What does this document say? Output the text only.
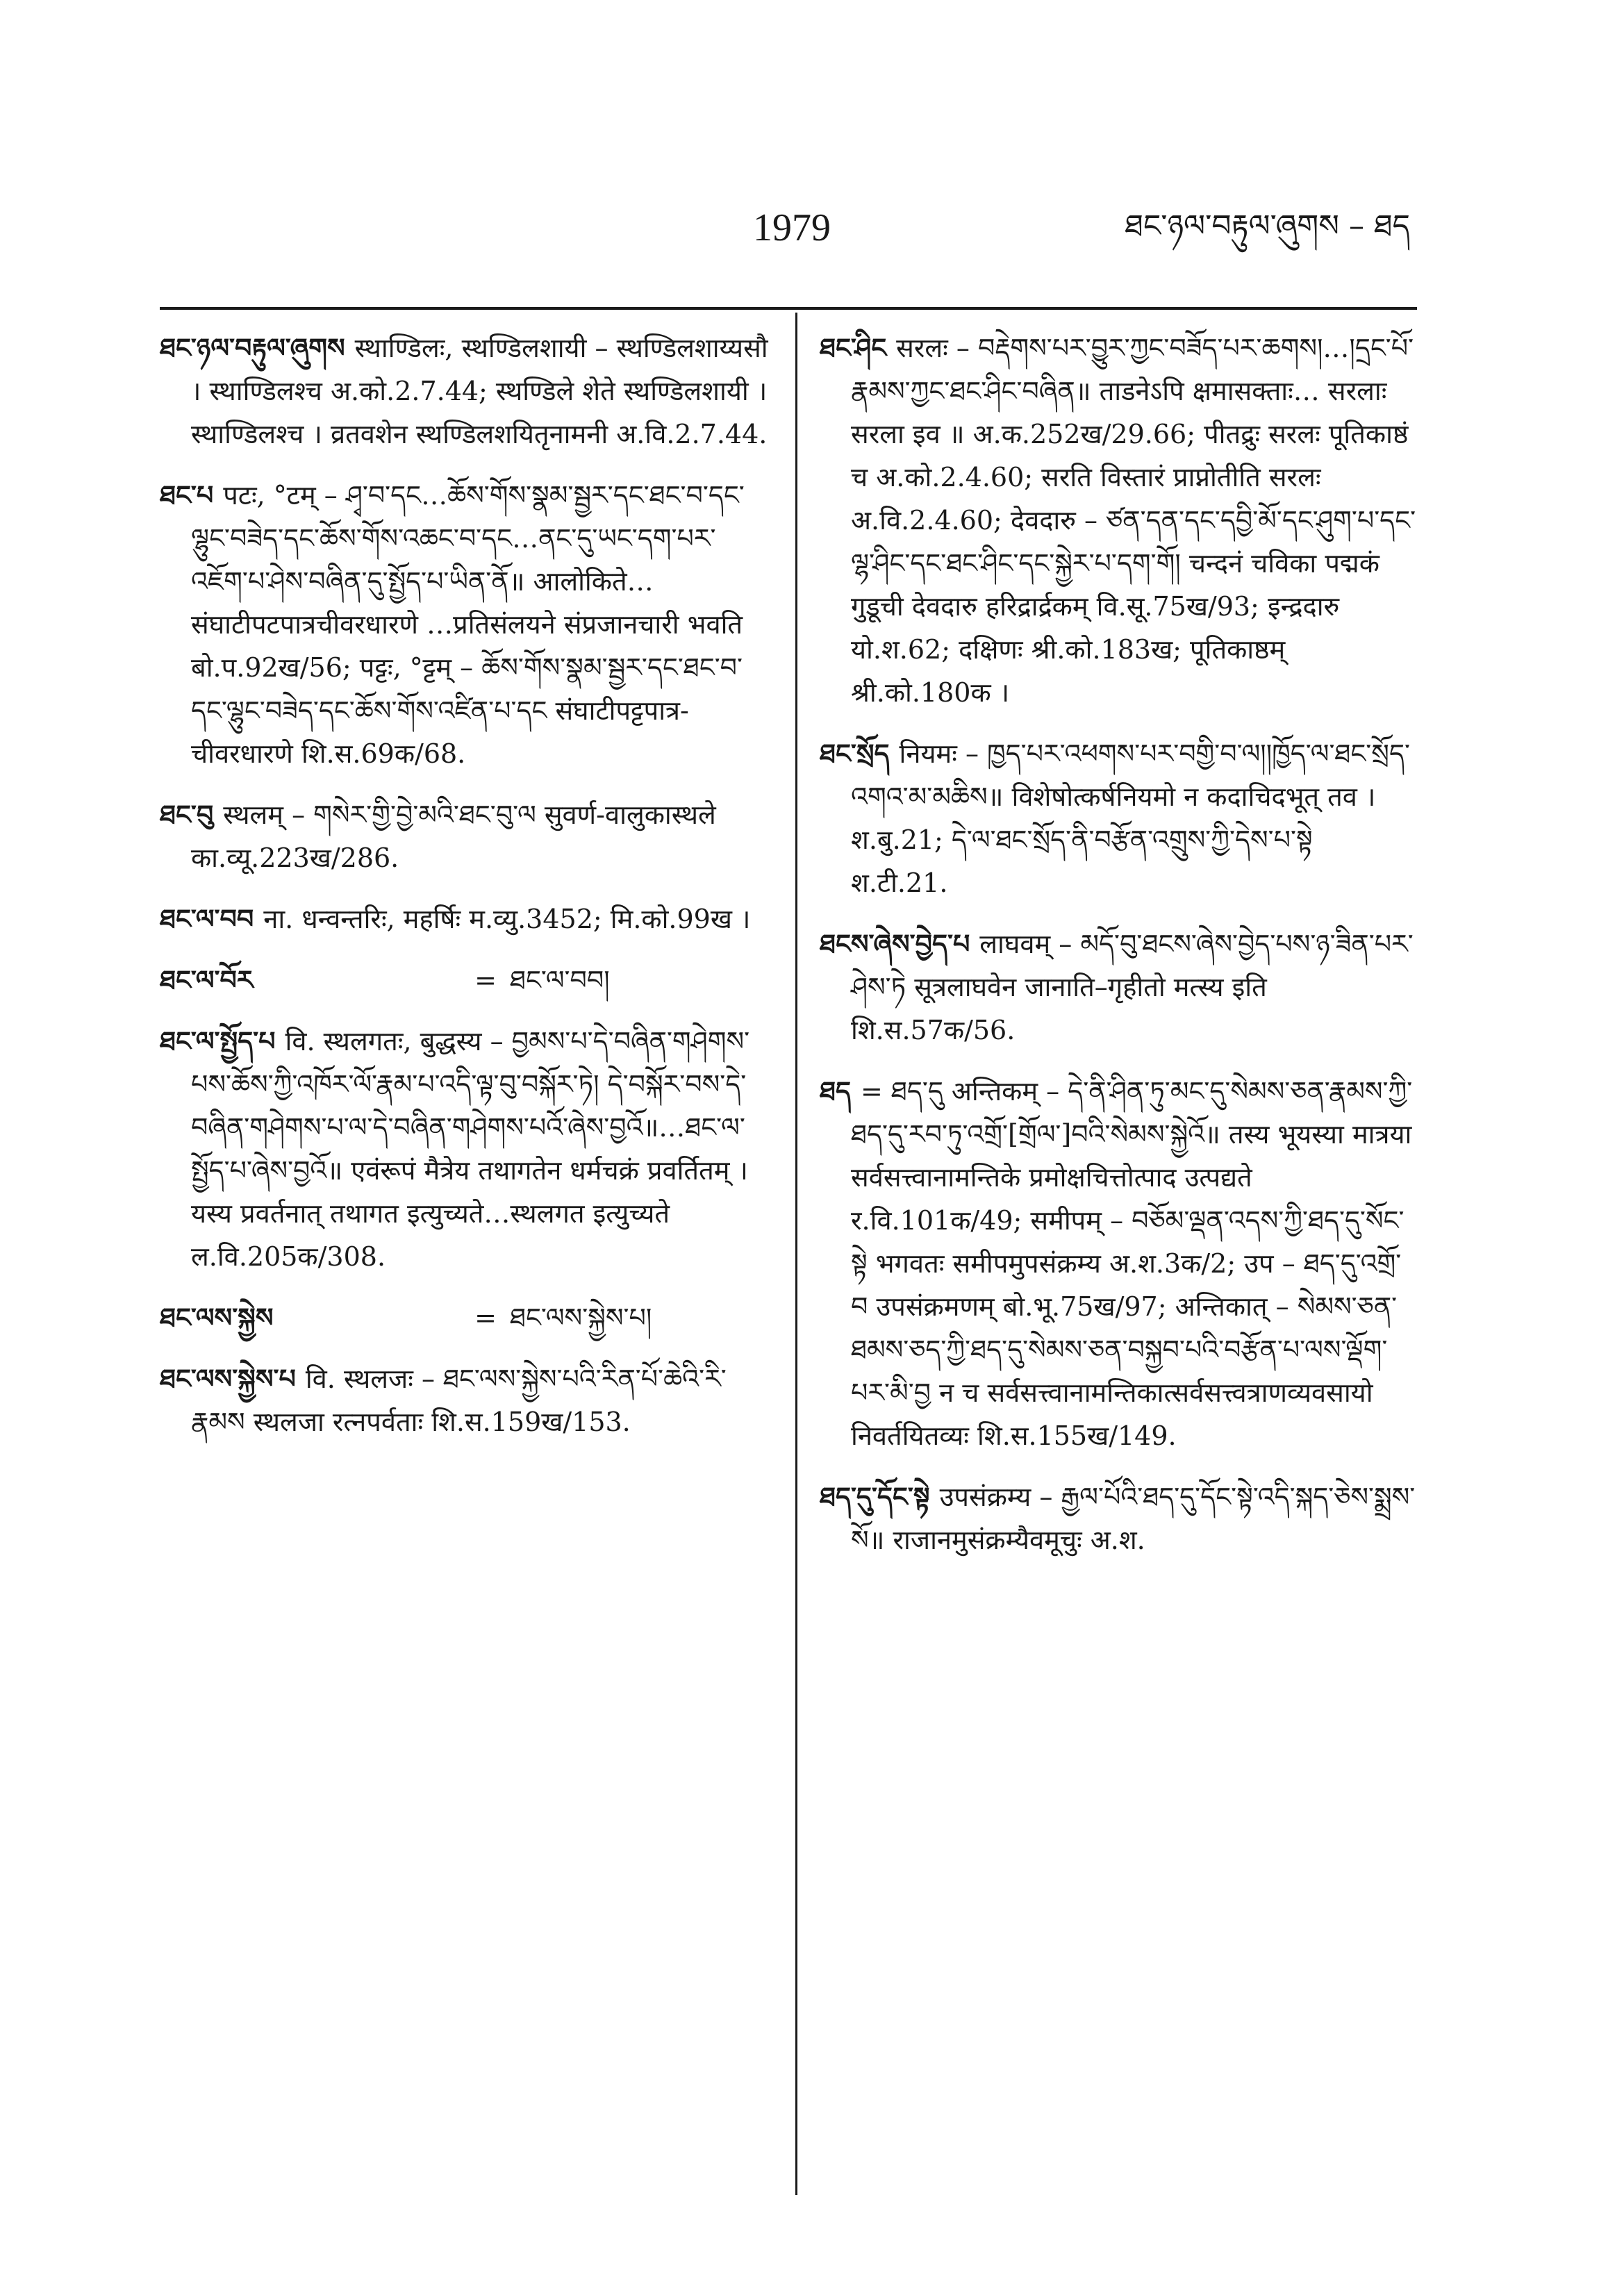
1979	ཐང་ཉལ་བརྟུལ་ཞུགས – ཐད

ཐང་ཉལ་བརྟུལ་ཞུགས स्थाण्डिलः, स्थण्डिलशायी – स्थण्डिलशाय्यसौ । स्थाण्डिलश्च अ.को.2.7.44; स्थण्डिले शेते स्थण्डिलशायी । स्थाण्डिलश्च । व्रतवशेन स्थण्डिलशयितृनामनी अ.वि.2.7.44.

ཐང་པ पटः, °टम् – ཤྭ་བ་དང…ཆོས་གོས་སྣམ་སྦྱར་དང་ཐང་བ་དང་ལྷུང་བཟེད་དང་ཆོས་གོས་འཆང་བ་དང…ནང་དུ་ཡང་དག་པར་འཇོག་པ་ཤེས་བཞིན་དུ་སྤྱོད་པ་ཡིན་ནོ॥ आलोकिते…संघाटीपटपात्रचीवरधारणे …प्रतिसंलयने संप्रजानचारी भवति बो.प.92ख/56; पट्टः, °ट्टम् – ཆོས་གོས་སྣམ་སྦྱར་དང་ཐང་བ་དང་ལྷུང་བཟེད་དང་ཆོས་གོས་འཛིན་པ་དང संघाटीपट्टपात्र-चीवरधारणे शि.स.69क/68.

ཐང་བུ स्थलम् – གསེར་གྱི་བྱེ་མའི་ཐང་བུ་ལ सुवर्ण-वालुकास्थले का.व्यू.223ख/286.

ཐང་ལ་བབ ना. धन्वन्तरिः, महर्षिः म.व्यु.3452; मि.को.99ख ।

ཐང་ལ་བོར	= ཐང་ལ་བབ།

ཐང་ལ་སྤྱོད་པ वि. स्थलगतः, बुद्धस्य – བྱམས་པ་དེ་བཞིན་གཤེགས་པས་ཆོས་ཀྱི་འཁོར་ལོ་རྣམ་པ་འདི་ལྟ་བུ་བསྐོར་ཏེ། དེ་བསྐོར་བས་དེ་བཞིན་གཤེགས་པ་ལ་དེ་བཞིན་གཤེགས་པའོ་ཞེས་བྱའོ॥…ཐང་ལ་སྤྱོད་པ་ཞེས་བྱའོ॥ एवंरूपं मैत्रेय तथागतेन धर्मचक्रं प्रवर्तितम् । यस्य प्रवर्तनात् तथागत इत्युच्यते…स्थलगत इत्युच्यते ल.वि.205क/308.

ཐང་ལས་སྐྱེས	= ཐང་ལས་སྐྱེས་པ།

ཐང་ལས་སྐྱེས་པ वि. स्थलजः – ཐང་ལས་སྐྱེས་པའི་རིན་པོ་ཆེའི་རི་རྣམས स्थलजा रत्नपर्वताः शि.स.159ख/153.

ཐང་ཤིང सरलः – བརྡེགས་པར་བྱུར་ཀྱང་བཟོད་པར་ཆགས།…།དྲང་པོ་རྣམས་ཀྱང་ཐང་ཤིང་བཞིན॥ ताडनेऽपि क्षमासक्ताः… सरलाः सरला इव ॥ अ.क.252ख/29.66; पीतद्रुः सरलः पूतिकाष्ठं च अ.को.2.4.60; सरति विस्तारं प्राप्नोतीति सरलः अ.वि.2.4.60; देवदारु – ཙན་དན་དང་དབྱི་མོ་དང་ཤུག་པ་དང་ལྷ་ཤིང་དང་ཐང་ཤིང་དང་སྐྱེར་པ་དག་གོ། चन्दनं चविका पद्मकं गुडूची देवदारु हरिद्रार्द्रकम् वि.सू.75ख/93; इन्द्रदारु यो.श.62; दक्षिणः श्री.को.183ख; पूतिकाष्ठम् श्री.को.180क ।

ཐང་སྲོད नियमः – ཁྱད་པར་འཕགས་པར་བགྱི་བ་ལ།།ཁྱོད་ལ་ཐང་སྲོད་འགའ་མ་མཆིས॥ विशेषोत्कर्षनियमो न कदाचिदभूत् तव । श.बु.21; དེ་ལ་ཐང་སྲོད་ནི་བརྩོན་འགྲུས་ཀྱི་དེས་པ་སྟེ श.टी.21.

ཐངས་ཞེས་བྱེད་པ लाघवम् – མདོ་བུ་ཐངས་ཞེས་བྱེད་པས་ཉ་ཟིན་པར་ཤེས་ཏེ सूत्रलाघवेन जानाति–गृहीतो मत्स्य इति शि.स.57क/56.

ཐད = ཐད་དུ अन्तिकम् – དེ་ནི་ཤིན་ཏུ་མང་དུ་སེམས་ཅན་རྣམས་ཀྱི་ཐད་དུ་རབ་ཏུ་འགྲོ་[གྲོལ་]བའི་སེམས་སྐྱེའོ॥ तस्य भूयस्या मात्रया सर्वसत्त्वानामन्तिके प्रमोक्षचित्तोत्पाद उत्पद्यते र.वि.101क/49; समीपम् – བཅོམ་ལྡན་འདས་ཀྱི་ཐད་དུ་སོང་སྟེ भगवतः समीपमुपसंक्रम्य अ.श.3क/2; उप – ཐད་དུ་འགྲོ་བ उपसंक्रमणम् बो.भू.75ख/97; अन्तिकात् – སེམས་ཅན་ཐམས་ཅད་ཀྱི་ཐད་དུ་སེམས་ཅན་བསྐྱབ་པའི་བརྩོན་པ་ལས་ལྡོག་པར་མི་བྱ न च सर्वसत्त्वानामन्तिकात्सर्वसत्त्वत्राणव्यवसायो निवर्तयितव्यः शि.स.155ख/149.

ཐད་དུ་དོང་སྟེ उपसंक्रम्य – རྒྱལ་པོའི་ཐད་དུ་དོང་སྟེ་འདི་སྐད་ཅེས་སྨྲས་སོ॥ राजानमुसंक्रम्यैवमूचुः अ.श.
